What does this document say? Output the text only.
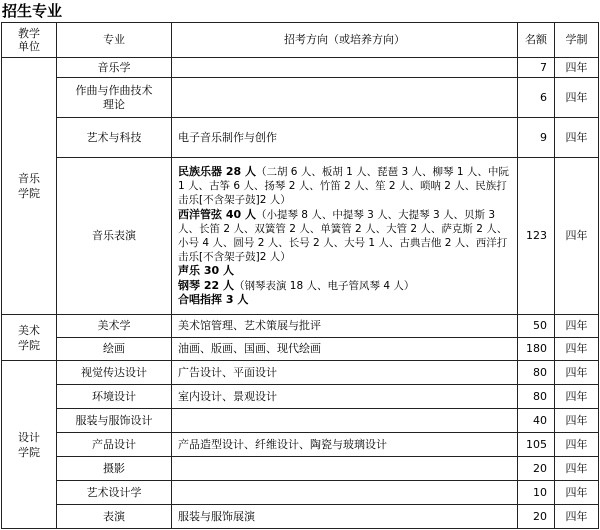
招生专业
教学单位	专业	招考方向（或培养方向）	名额	学制

音乐学院	音乐学		7	四年

	作曲与作曲技术理论		6	四年
	艺术与科技	电子音乐制作与创作	9	四年
	音乐表演	民族乐器 28 人（二胡 6 人、板胡 1 人、琵琶 3 人、柳琴 1 人、中阮 1 人、古筝 6 人、扬琴 2 人、竹笛 2 人、笙 2 人、唢呐 2 人、民族打击乐[不含架子鼓]2 人）
西洋管弦 40 人（小提琴 8 人、中提琴 3 人、大提琴 3 人、贝斯 3 人、长笛 2 人、双簧管 2 人、单簧管 2 人、大管 2 人、萨克斯 2 人、小号 4 人、圆号 2 人、长号 2 人、大号 1 人、古典吉他 2 人、西洋打击乐[不含架子鼓]2 人）
声乐 30 人
钢琴 22 人（钢琴表演 18 人、电子管风琴 4 人）
合唱指挥 3 人	123	四年

美术学院	美术学	美术馆管理、艺术策展与批评	50	四年
	绘画	油画、版画、国画、现代绘画	180	四年

设计学院	视觉传达设计	广告设计、平面设计	80	四年
	环境设计	室内设计、景观设计	80	四年
	服装与服饰设计		40	四年
	产品设计	产品造型设计、纤维设计、陶瓷与玻璃设计	105	四年
	摄影		20	四年
	艺术设计学		10	四年
	表演	服装与服饰展演	20	四年
